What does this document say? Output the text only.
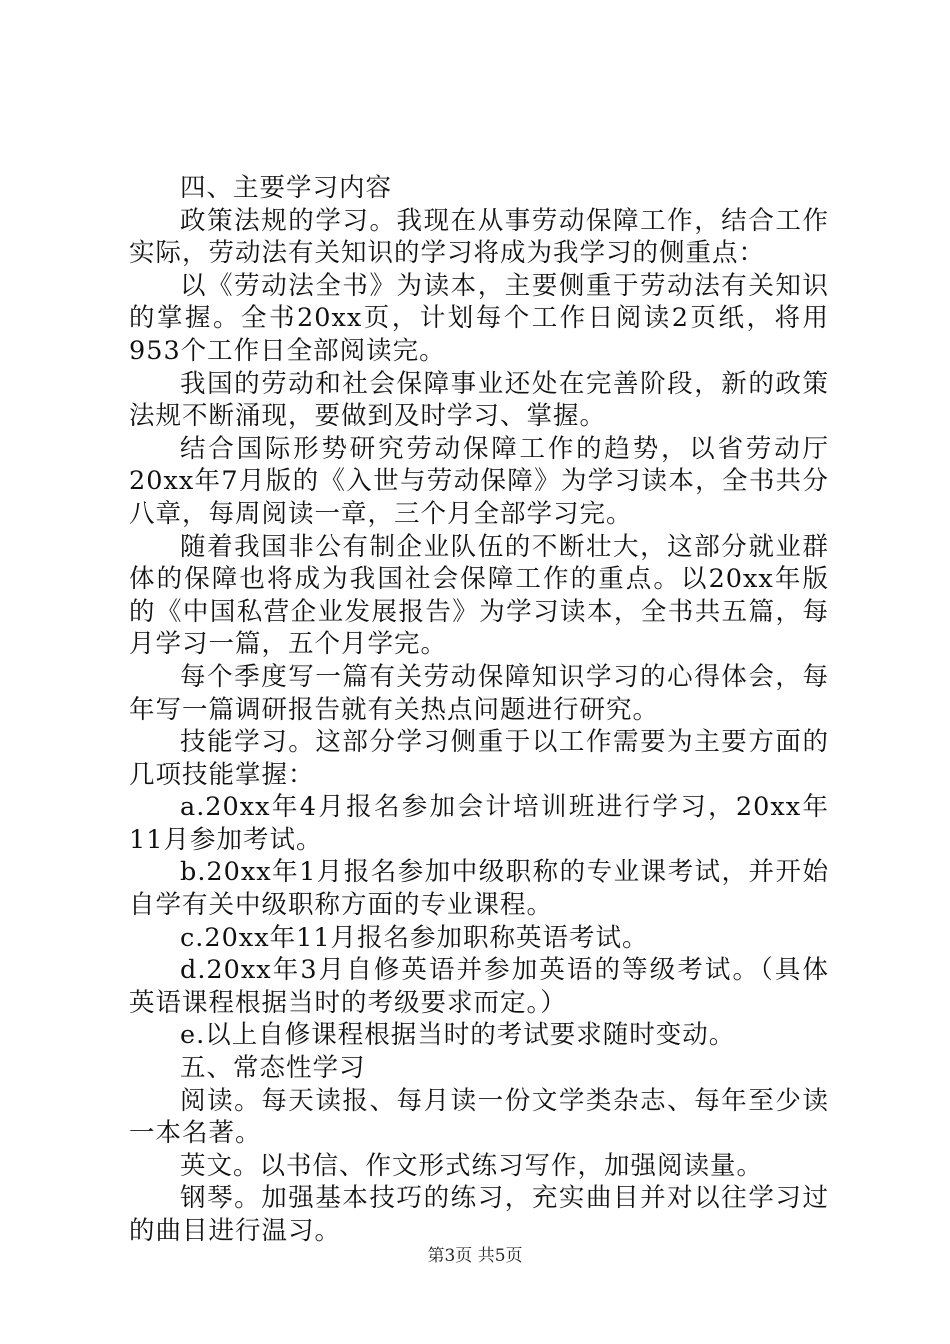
四、主要学习内容

政策法规的学习。我现在从事劳动保障工作，结合工作实际，劳动法有关知识的学习将成为我学习的侧重点：

以《劳动法全书》为读本，主要侧重于劳动法有关知识的掌握。全书20xx页，计划每个工作日阅读2页纸，将用953个工作日全部阅读完。

我国的劳动和社会保障事业还处在完善阶段，新的政策法规不断涌现，要做到及时学习、掌握。

结合国际形势研究劳动保障工作的趋势，以省劳动厅20xx年7月版的《入世与劳动保障》为学习读本，全书共分八章，每周阅读一章，三个月全部学习完。

随着我国非公有制企业队伍的不断壮大，这部分就业群体的保障也将成为我国社会保障工作的重点。以20xx年版的《中国私营企业发展报告》为学习读本，全书共五篇，每月学习一篇，五个月学完。

每个季度写一篇有关劳动保障知识学习的心得体会，每年写一篇调研报告就有关热点问题进行研究。

技能学习。这部分学习侧重于以工作需要为主要方面的几项技能掌握：

a.20xx年4月报名参加会计培训班进行学习，20xx年11月参加考试。

b.20xx年1月报名参加中级职称的专业课考试，并开始自学有关中级职称方面的专业课程。

c.20xx年11月报名参加职称英语考试。

d.20xx年3月自修英语并参加英语的等级考试。（具体英语课程根据当时的考级要求而定。）

e.以上自修课程根据当时的考试要求随时变动。

五、常态性学习

阅读。每天读报、每月读一份文学类杂志、每年至少读一本名著。

英文。以书信、作文形式练习写作，加强阅读量。

钢琴。加强基本技巧的练习，充实曲目并对以往学习过的曲目进行温习。

第3页 共5页
